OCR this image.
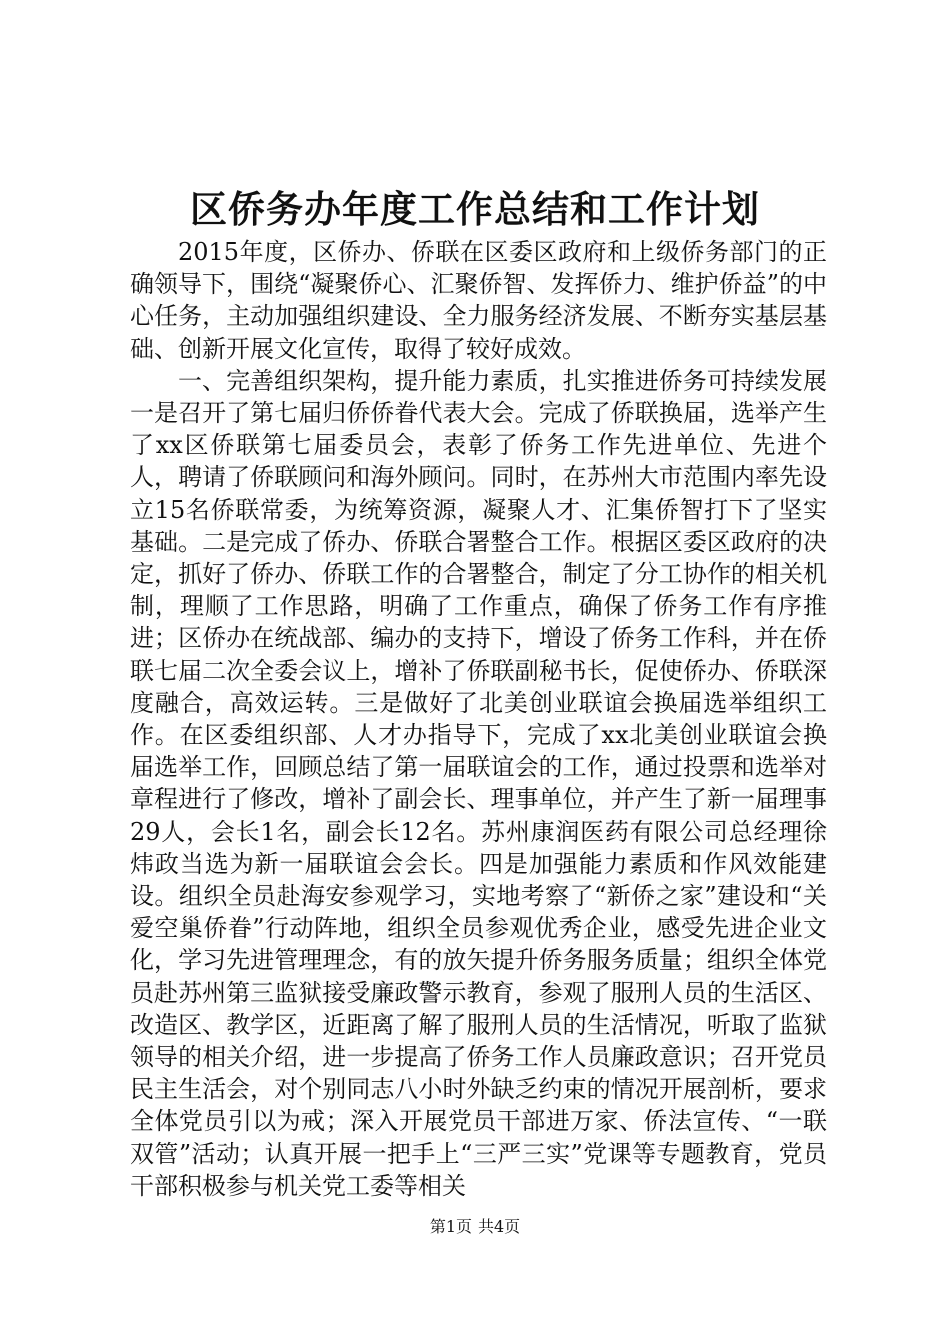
区侨务办年度工作总结和工作计划

2015年度，区侨办、侨联在区委区政府和上级侨务部门的正确领导下，围绕“凝聚侨心、汇聚侨智、发挥侨力、维护侨益”的中心任务，主动加强组织建设、全力服务经济发展、不断夯实基层基础、创新开展文化宣传，取得了较好成效。

一、完善组织架构，提升能力素质，扎实推进侨务可持续发展一是召开了第七届归侨侨眷代表大会。完成了侨联换届，选举产生了xx区侨联第七届委员会，表彰了侨务工作先进单位、先进个人，聘请了侨联顾问和海外顾问。同时，在苏州大市范围内率先设立15名侨联常委，为统筹资源，凝聚人才、汇集侨智打下了坚实基础。二是完成了侨办、侨联合署整合工作。根据区委区政府的决定，抓好了侨办、侨联工作的合署整合，制定了分工协作的相关机制，理顺了工作思路，明确了工作重点，确保了侨务工作有序推进；区侨办在统战部、编办的支持下，增设了侨务工作科，并在侨联七届二次全委会议上，增补了侨联副秘书长，促使侨办、侨联深度融合，高效运转。三是做好了北美创业联谊会换届选举组织工作。在区委组织部、人才办指导下，完成了xx北美创业联谊会换届选举工作，回顾总结了第一届联谊会的工作，通过投票和选举对章程进行了修改，增补了副会长、理事单位，并产生了新一届理事29人，会长1名，副会长12名。苏州康润医药有限公司总经理徐炜政当选为新一届联谊会会长。四是加强能力素质和作风效能建设。组织全员赴海安参观学习，实地考察了“新侨之家”建设和“关爱空巢侨眷”行动阵地，组织全员参观优秀企业，感受先进企业文化，学习先进管理理念，有的放矢提升侨务服务质量；组织全体党员赴苏州第三监狱接受廉政警示教育，参观了服刑人员的生活区、改造区、教学区，近距离了解了服刑人员的生活情况，听取了监狱领导的相关介绍，进一步提高了侨务工作人员廉政意识；召开党员民主生活会，对个别同志八小时外缺乏约束的情况开展剖析，要求全体党员引以为戒；深入开展党员干部进万家、侨法宣传、“一联双管”活动；认真开展一把手上“三严三实”党课等专题教育，党员干部积极参与机关党工委等相关

第1页 共4页
